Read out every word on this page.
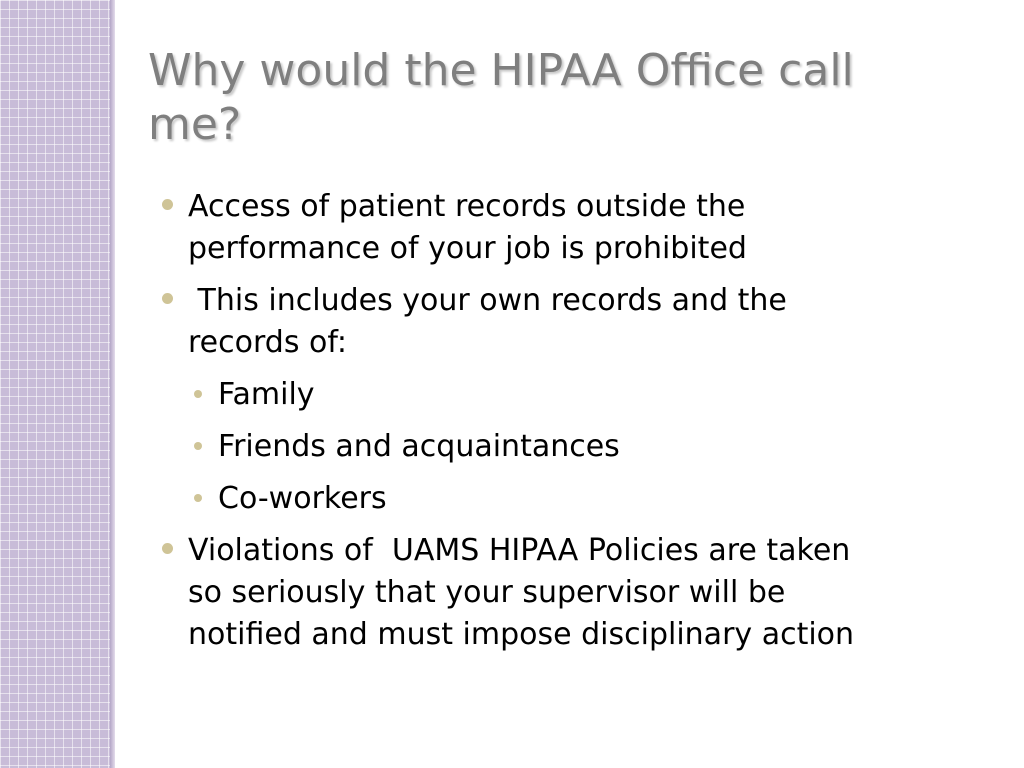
Why would the HIPAA Office call me?
Access of patient records outside the performance of your job is prohibited
This includes your own records and the records of:
Family
Friends and acquaintances
Co-workers
Violations of  UAMS HIPAA Policies are taken so seriously that your supervisor will be notified and must impose disciplinary action
